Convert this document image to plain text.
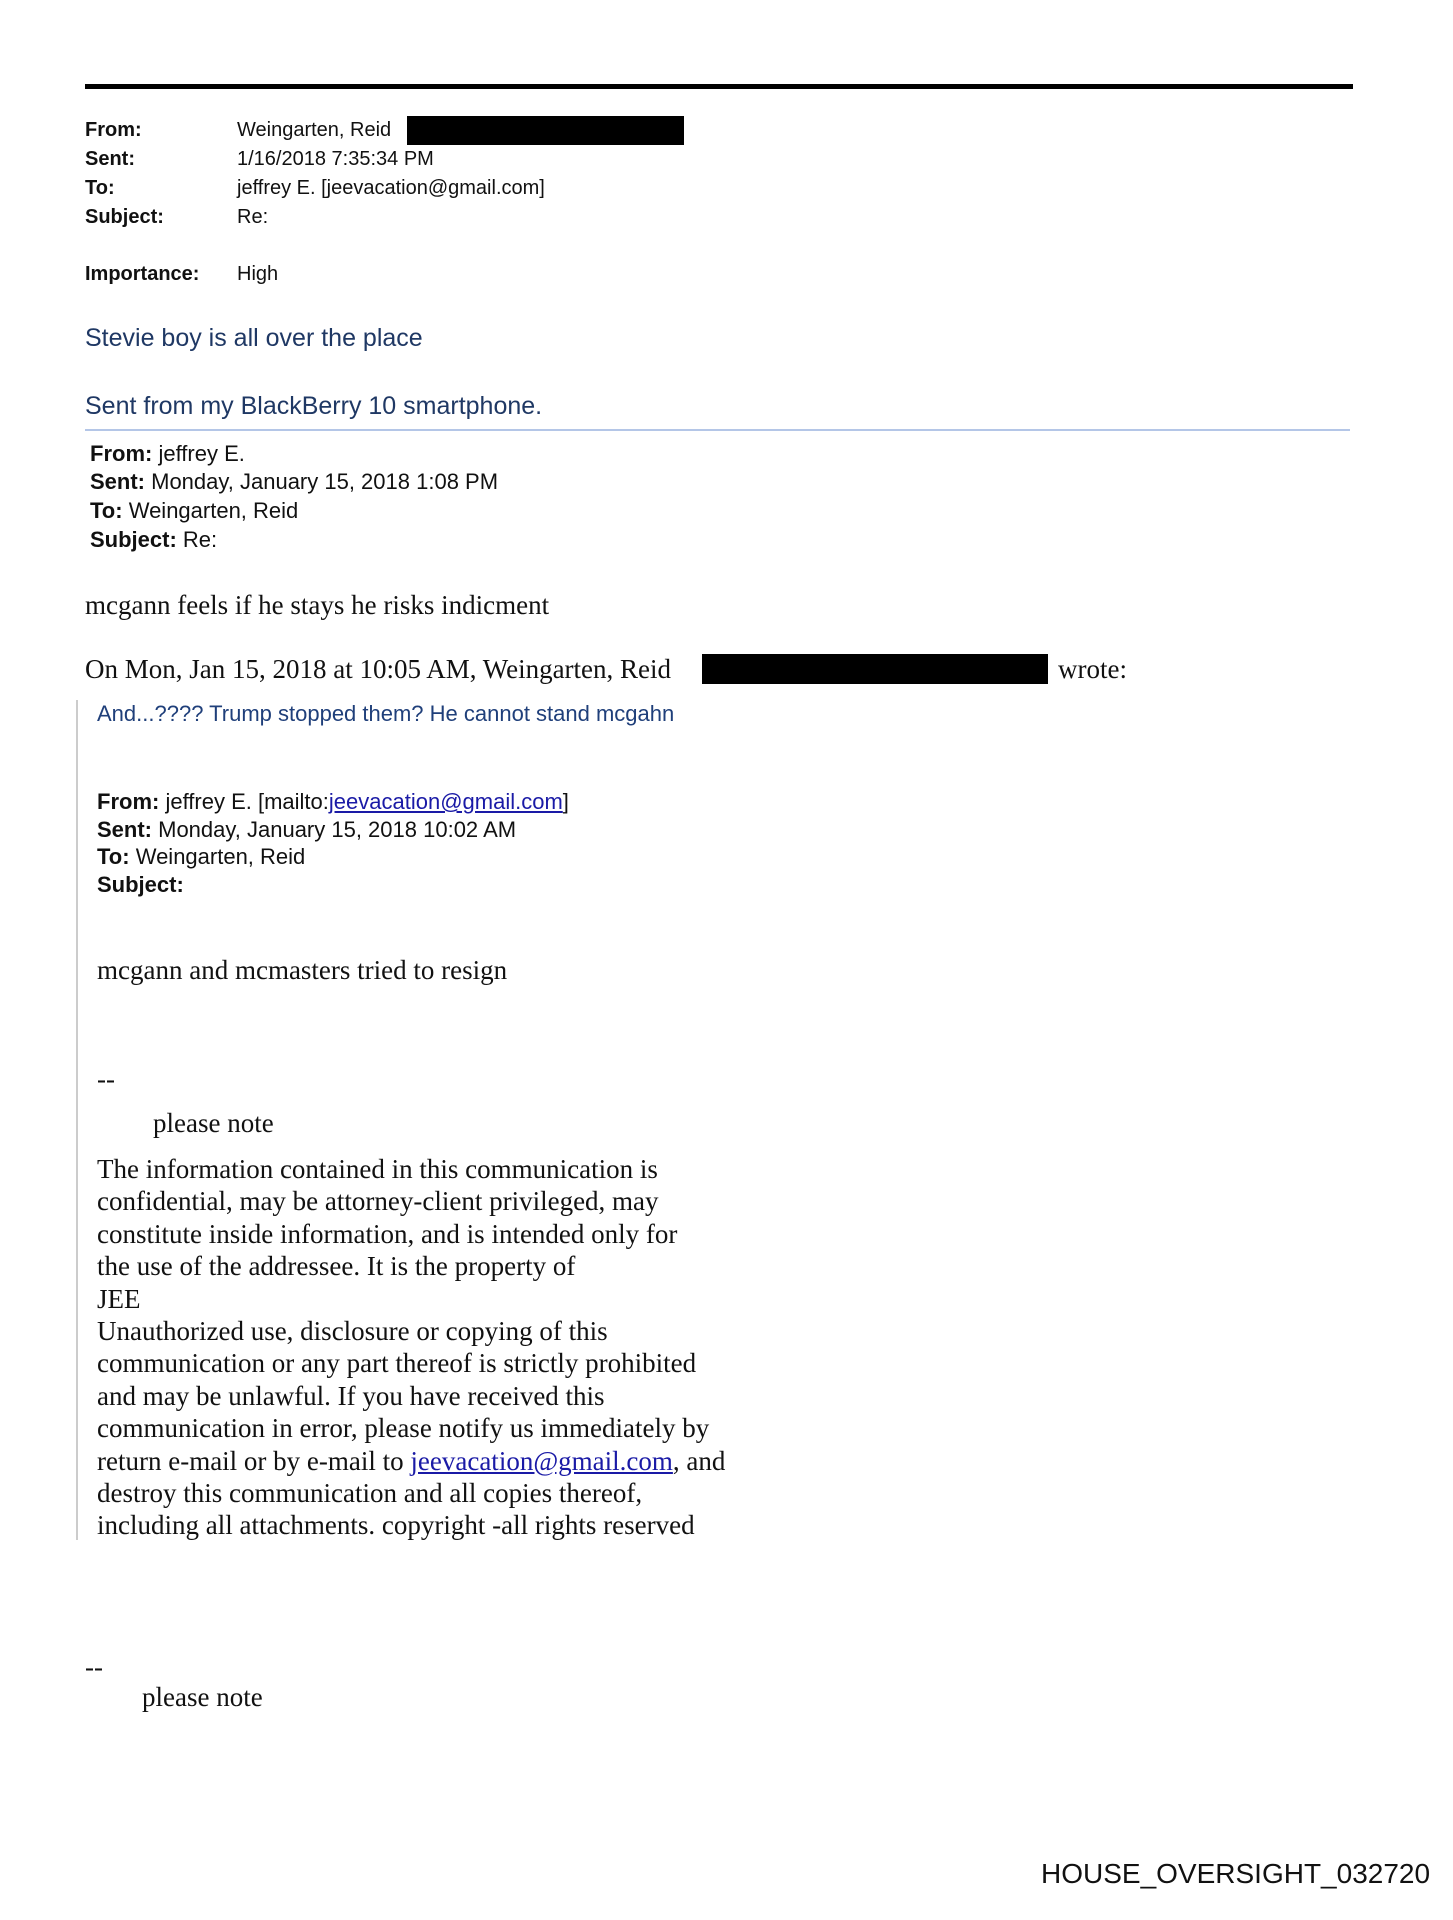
From:	Weingarten, Reid
Sent:	1/16/2018 7:35:34 PM
To:	jeffrey E. [jeevacation@gmail.com]
Subject:	Re:
Importance: High
Stevie boy is all over the place
Sent from my BlackBerry 10 smartphone.
From: jeffrey E.
Sent: Monday, January 15, 2018 1:08 PM
To: Weingarten, Reid
Subject: Re:
mcgann feels if he stays he risks indicment
On Mon, Jan 15, 2018 at 10:05 AM, Weingarten, Reid	wrote:
And...???? Trump stopped them? He cannot stand mcgahn
From: jeffrey E. [mailto:jeevacation@gmail.com]
Sent: Monday, January 15, 2018 10:02 AM
To: Weingarten, Reid
Subject:
mcgann and mcmasters tried to resign
--
please note
The information contained in this communication is
confidential, may be attorney-client privileged, may
constitute inside information, and is intended only for
the use of the addressee. It is the property of
JEE
Unauthorized use, disclosure or copying of this
communication or any part thereof is strictly prohibited
and may be unlawful. If you have received this
communication in error, please notify us immediately by
return e-mail or by e-mail to jeevacation@gmail.com, and
destroy this communication and all copies thereof,
including all attachments. copyright -all rights reserved
--
please note
HOUSE_OVERSIGHT_032720
